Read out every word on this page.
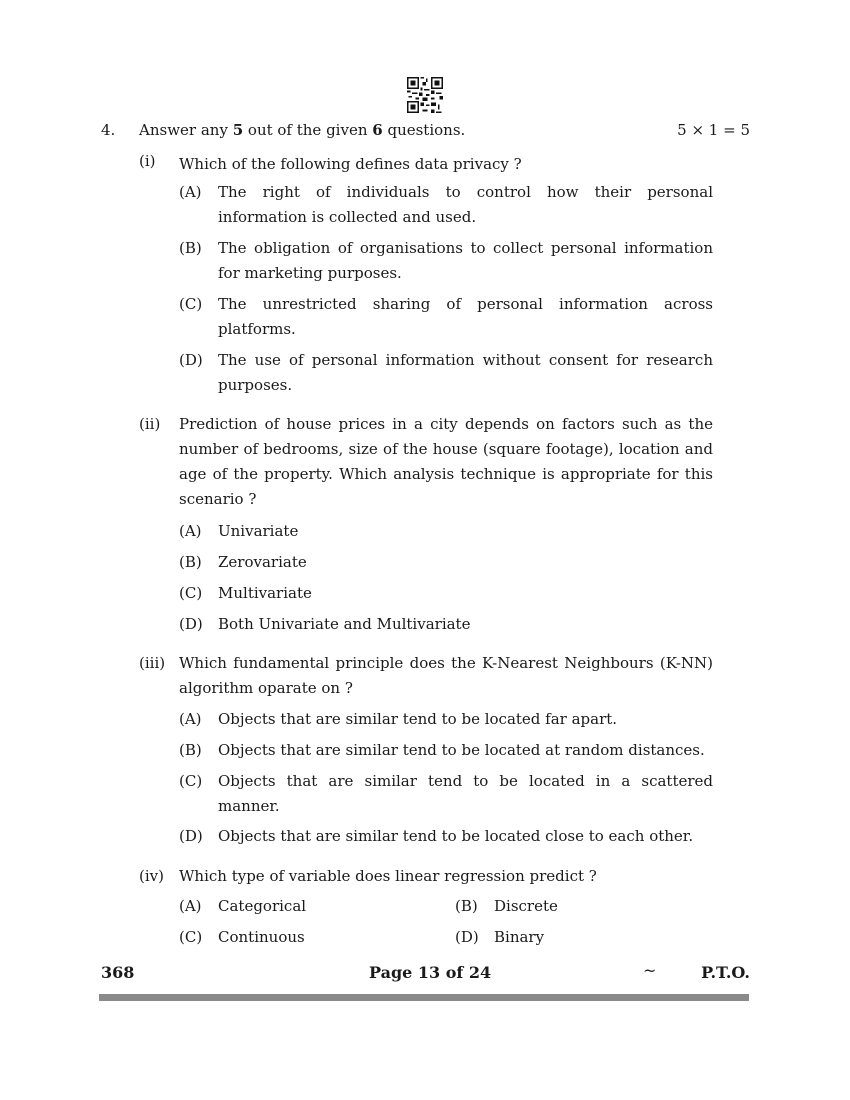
4. Answer any 5 out of the given 6 questions.	5 × 1 = 5
(i)	Which of the following defines data privacy ?
(A) The right of individuals to control how their personal information is collected and used.
(B) The obligation of organisations to collect personal information for marketing purposes.
(C) The unrestricted sharing of personal information across platforms.
(D) The use of personal information without consent for research purposes.
(ii)	Prediction of house prices in a city depends on factors such as the number of bedrooms, size of the house (square footage), location and age of the property. Which analysis technique is appropriate for this scenario ?
(A) Univariate
(B) Zerovariate
(C) Multivariate
(D) Both Univariate and Multivariate
(iii) Which fundamental principle does the K-Nearest Neighbours (K-NN) algorithm oparate on ?
(A) Objects that are similar tend to be located far apart.
(B) Objects that are similar tend to be located at random distances.
(C) Objects that are similar tend to be located in a scattered manner.
(D) Objects that are similar tend to be located close to each other.
(iv)	Which type of variable does linear regression predict ?
(A) Categorical	(B) Discrete
(C) Continuous	(D) Binary
368	Page 13 of 24	~	P.T.O.
